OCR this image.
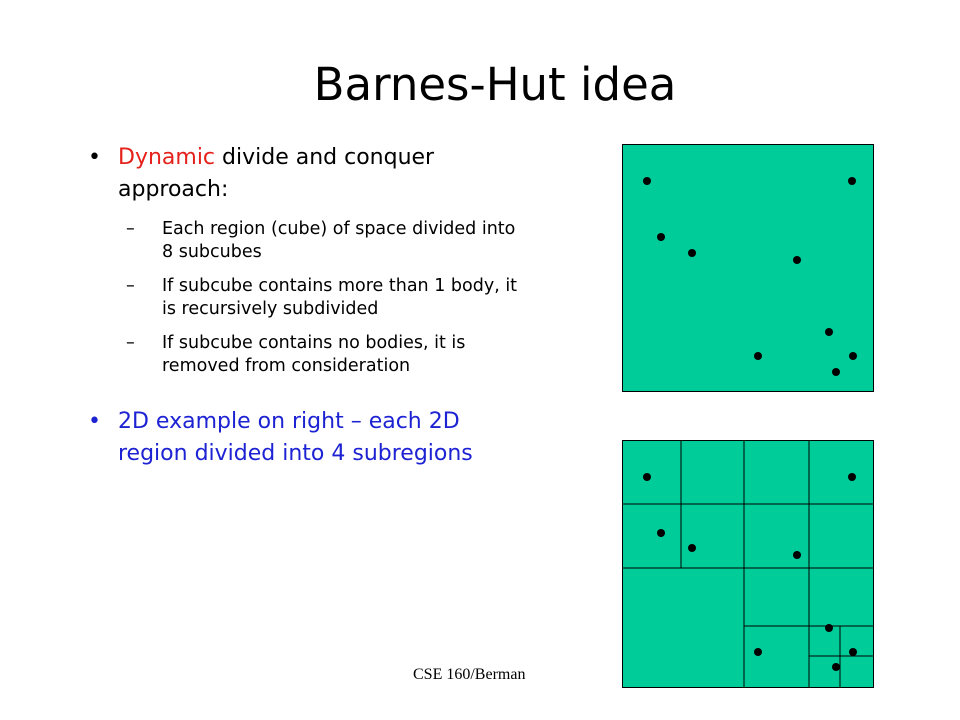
Barnes-Hut idea
• Dynamic divide and conquer approach:
– Each region (cube) of space divided into 8 subcubes
– If subcube contains more than 1 body, it is recursively subdivided
– If subcube contains no bodies, it is removed from consideration
• 2D example on right – each 2D region divided into 4 subregions
CSE 160/Berman
